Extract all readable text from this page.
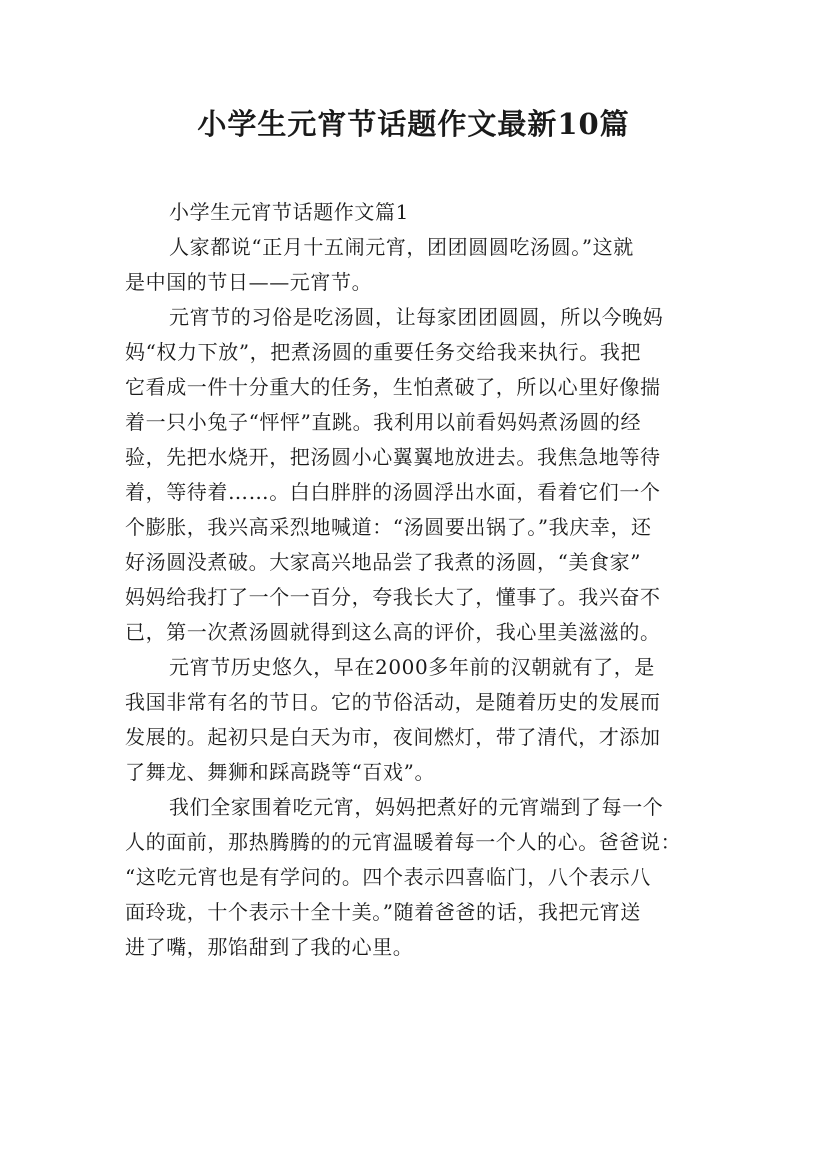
小学生元宵节话题作文最新10篇
小学生元宵节话题作文篇1
人家都说“正月十五闹元宵，团团圆圆吃汤圆。”这就
是中国的节日——元宵节。
元宵节的习俗是吃汤圆，让每家团团圆圆，所以今晚妈
妈“权力下放”，把煮汤圆的重要任务交给我来执行。我把
它看成一件十分重大的任务，生怕煮破了，所以心里好像揣
着一只小兔子“怦怦”直跳。我利用以前看妈妈煮汤圆的经
验，先把水烧开，把汤圆小心翼翼地放进去。我焦急地等待
着，等待着……。白白胖胖的汤圆浮出水面，看着它们一个
个膨胀，我兴高采烈地喊道：“汤圆要出锅了。”我庆幸，还
好汤圆没煮破。大家高兴地品尝了我煮的汤圆，“美食家”
妈妈给我打了一个一百分，夸我长大了，懂事了。我兴奋不
已，第一次煮汤圆就得到这么高的评价，我心里美滋滋的。
元宵节历史悠久，早在2000多年前的汉朝就有了，是
我国非常有名的节日。它的节俗活动，是随着历史的发展而
发展的。起初只是白天为市，夜间燃灯，带了清代，才添加
了舞龙、舞狮和踩高跷等“百戏”。
我们全家围着吃元宵，妈妈把煮好的元宵端到了每一个
人的面前，那热腾腾的的元宵温暖着每一个人的心。爸爸说：
“这吃元宵也是有学问的。四个表示四喜临门，八个表示八
面玲珑，十个表示十全十美。”随着爸爸的话，我把元宵送
进了嘴，那馅甜到了我的心里。
